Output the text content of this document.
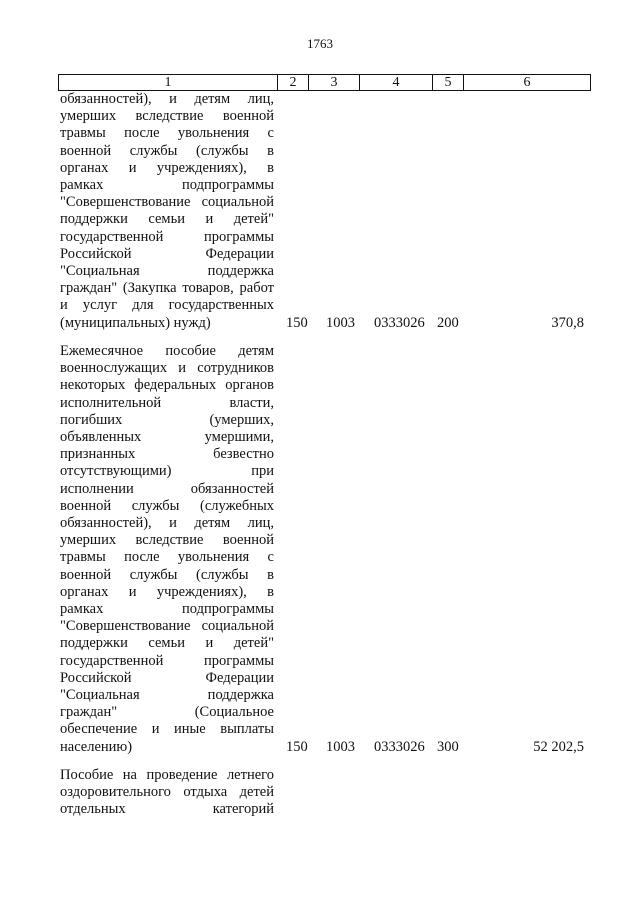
1763
1	2	3	4	5	6
обязанностей), и детям лиц,
умерших вследствие военной
травмы после увольнения с
военной службы (службы в
органах и учреждениях), в
рамках подпрограммы
"Совершенствование социальной
поддержки семьи и детей"
государственной программы
Российской Федерации
"Социальная поддержка
граждан" (Закупка товаров, работ
и услуг для государственных
(муниципальных) нужд)	150 1003 0333026 200	370,8
Ежемесячное пособие детям
военнослужащих и сотрудников
некоторых федеральных органов
исполнительной власти,
погибших (умерших,
объявленных умершими,
признанных безвестно
отсутствующими) при
исполнении обязанностей
военной службы (служебных
обязанностей), и детям лиц,
умерших вследствие военной
травмы после увольнения с
военной службы (службы в
органах и учреждениях), в
рамках подпрограммы
"Совершенствование социальной
поддержки семьи и детей"
государственной программы
Российской Федерации
"Социальная поддержка
граждан" (Социальное
обеспечение и иные выплаты
населению)	150 1003 0333026 300	52 202,5
Пособие на проведение летнего
оздоровительного отдыха детей
отдельных категорий
